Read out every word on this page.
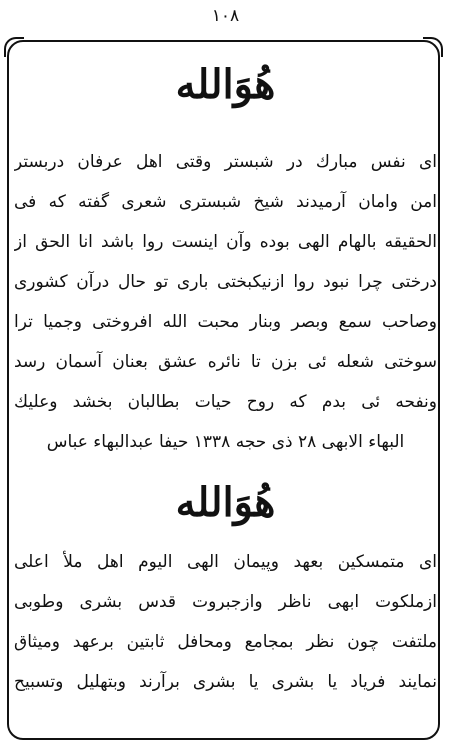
١٠٨
هُوَالله
ای نفس مبارك در شبستر وقتی اهل عرفان دربستر
امن وامان آرمیدند شیخ شبستری شعری گفته که فی
الحقیقه بالهام الهی بوده وآن اینست روا باشد انا الحق از
درختی چرا نبود روا ازنیکبختی باری تو حال درآن کشوری
وصاحب سمع وبصر وبنار محبت الله افروختی وجمیا ترا
سوختی شعله ئی بزن تا نائره عشق بعنان آسمان رسد
ونفحه ئی بدم که روح حیات بطالبان بخشد وعلیك
البهاء الابهی ۲۸ ذی حجه ۱۳۳۸ حیفا عبدالبهاء عباس
هُوَالله
ای متمسکین بعهد وپیمان الهی الیوم اهل ملأ اعلی
ازملکوت ابهی ناظر وازجبروت قدس بشری وطوبی
ملتفت چون نظر بمجامع ومحافل ثابتین برعهد ومیثاق
نمایند فریاد یا بشری یا بشری برآرند وبتهلیل وتسبیح
